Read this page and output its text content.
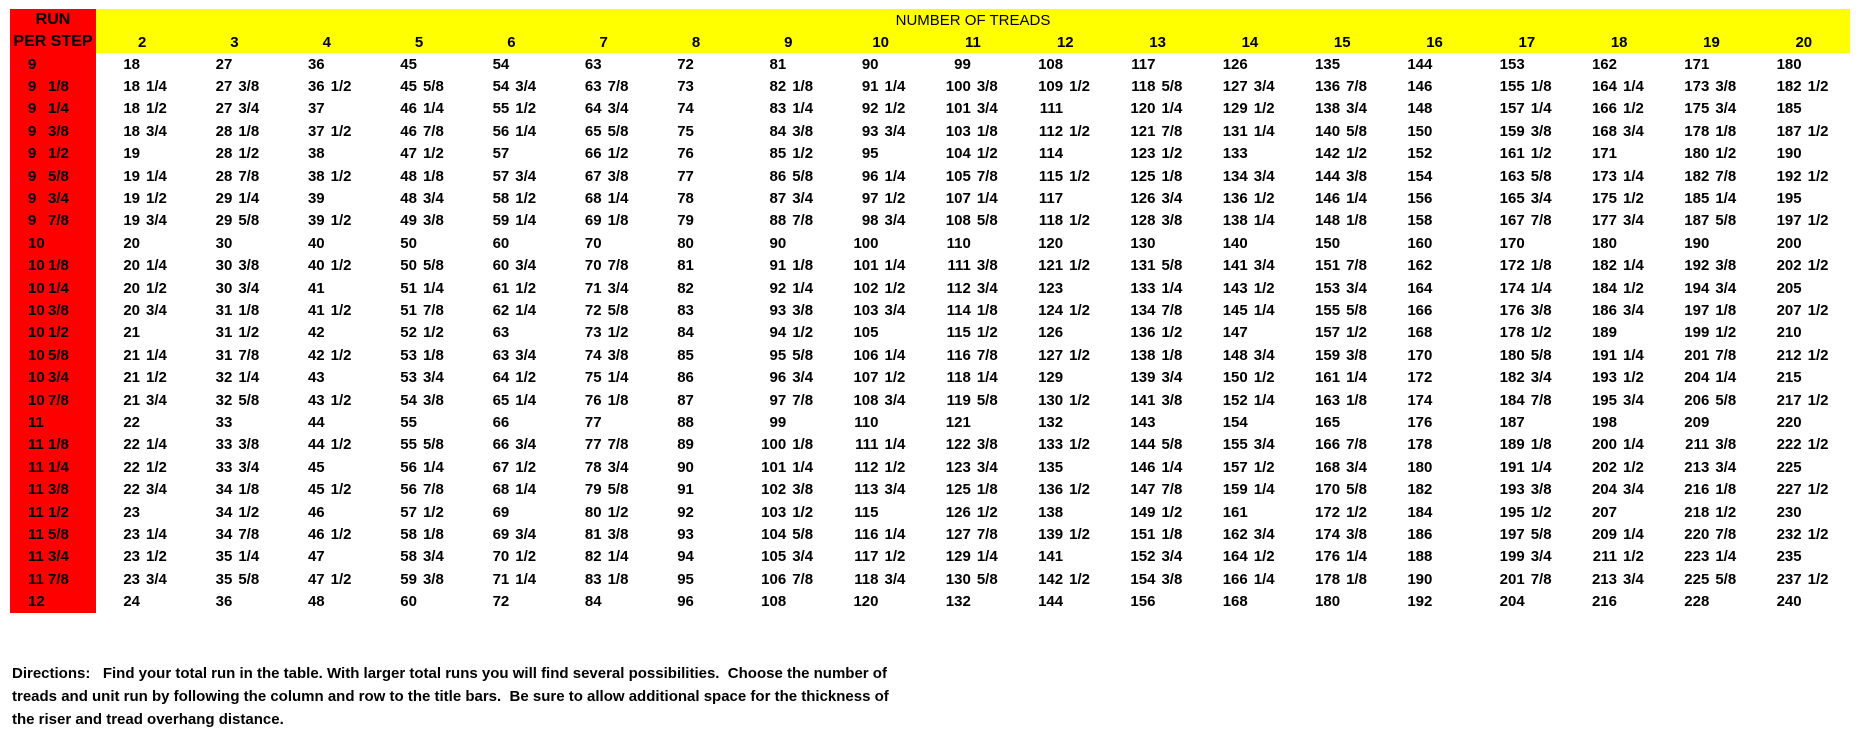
RUN	NUMBER OF TREADS																		
PER STEP	2	3	4	5	6	7	8	9	10	11	12	13	14	15	16	17	18	19	20
9	18	27	36	45	54	63	72	81	90	99	108	117	126	135	144	153	162	171	180
9 1/8	18 1/4	27 3/8	36 1/2	45 5/8	54 3/4	63 7/8	73	82 1/8	91 1/4	100 3/8	109 1/2	118 5/8	127 3/4	136 7/8	146	155 1/8	164 1/4	173 3/8	182 1/2
9 1/4	18 1/2	27 3/4	37	46 1/4	55 1/2	64 3/4	74	83 1/4	92 1/2	101 3/4	111	120 1/4	129 1/2	138 3/4	148	157 1/4	166 1/2	175 3/4	185
9 3/8	18 3/4	28 1/8	37 1/2	46 7/8	56 1/4	65 5/8	75	84 3/8	93 3/4	103 1/8	112 1/2	121 7/8	131 1/4	140 5/8	150	159 3/8	168 3/4	178 1/8	187 1/2
9 1/2	19	28 1/2	38	47 1/2	57	66 1/2	76	85 1/2	95	104 1/2	114	123 1/2	133	142 1/2	152	161 1/2	171	180 1/2	190
9 5/8	19 1/4	28 7/8	38 1/2	48 1/8	57 3/4	67 3/8	77	86 5/8	96 1/4	105 7/8	115 1/2	125 1/8	134 3/4	144 3/8	154	163 5/8	173 1/4	182 7/8	192 1/2
9 3/4	19 1/2	29 1/4	39	48 3/4	58 1/2	68 1/4	78	87 3/4	97 1/2	107 1/4	117	126 3/4	136 1/2	146 1/4	156	165 3/4	175 1/2	185 1/4	195
9 7/8	19 3/4	29 5/8	39 1/2	49 3/8	59 1/4	69 1/8	79	88 7/8	98 3/4	108 5/8	118 1/2	128 3/8	138 1/4	148 1/8	158	167 7/8	177 3/4	187 5/8	197 1/2
10	20	30	40	50	60	70	80	90	100	110	120	130	140	150	160	170	180	190	200
10 1/8	20 1/4	30 3/8	40 1/2	50 5/8	60 3/4	70 7/8	81	91 1/8	101 1/4	111 3/8	121 1/2	131 5/8	141 3/4	151 7/8	162	172 1/8	182 1/4	192 3/8	202 1/2
10 1/4	20 1/2	30 3/4	41	51 1/4	61 1/2	71 3/4	82	92 1/4	102 1/2	112 3/4	123	133 1/4	143 1/2	153 3/4	164	174 1/4	184 1/2	194 3/4	205
10 3/8	20 3/4	31 1/8	41 1/2	51 7/8	62 1/4	72 5/8	83	93 3/8	103 3/4	114 1/8	124 1/2	134 7/8	145 1/4	155 5/8	166	176 3/8	186 3/4	197 1/8	207 1/2
10 1/2	21	31 1/2	42	52 1/2	63	73 1/2	84	94 1/2	105	115 1/2	126	136 1/2	147	157 1/2	168	178 1/2	189	199 1/2	210
10 5/8	21 1/4	31 7/8	42 1/2	53 1/8	63 3/4	74 3/8	85	95 5/8	106 1/4	116 7/8	127 1/2	138 1/8	148 3/4	159 3/8	170	180 5/8	191 1/4	201 7/8	212 1/2
10 3/4	21 1/2	32 1/4	43	53 3/4	64 1/2	75 1/4	86	96 3/4	107 1/2	118 1/4	129	139 3/4	150 1/2	161 1/4	172	182 3/4	193 1/2	204 1/4	215
10 7/8	21 3/4	32 5/8	43 1/2	54 3/8	65 1/4	76 1/8	87	97 7/8	108 3/4	119 5/8	130 1/2	141 3/8	152 1/4	163 1/8	174	184 7/8	195 3/4	206 5/8	217 1/2
11	22	33	44	55	66	77	88	99	110	121	132	143	154	165	176	187	198	209	220
11 1/8	22 1/4	33 3/8	44 1/2	55 5/8	66 3/4	77 7/8	89	100 1/8	111 1/4	122 3/8	133 1/2	144 5/8	155 3/4	166 7/8	178	189 1/8	200 1/4	211 3/8	222 1/2
11 1/4	22 1/2	33 3/4	45	56 1/4	67 1/2	78 3/4	90	101 1/4	112 1/2	123 3/4	135	146 1/4	157 1/2	168 3/4	180	191 1/4	202 1/2	213 3/4	225
11 3/8	22 3/4	34 1/8	45 1/2	56 7/8	68 1/4	79 5/8	91	102 3/8	113 3/4	125 1/8	136 1/2	147 7/8	159 1/4	170 5/8	182	193 3/8	204 3/4	216 1/8	227 1/2
11 1/2	23	34 1/2	46	57 1/2	69	80 1/2	92	103 1/2	115	126 1/2	138	149 1/2	161	172 1/2	184	195 1/2	207	218 1/2	230
11 5/8	23 1/4	34 7/8	46 1/2	58 1/8	69 3/4	81 3/8	93	104 5/8	116 1/4	127 7/8	139 1/2	151 1/8	162 3/4	174 3/8	186	197 5/8	209 1/4	220 7/8	232 1/2
11 3/4	23 1/2	35 1/4	47	58 3/4	70 1/2	82 1/4	94	105 3/4	117 1/2	129 1/4	141	152 3/4	164 1/2	176 1/4	188	199 3/4	211 1/2	223 1/4	235
11 7/8	23 3/4	35 5/8	47 1/2	59 3/8	71 1/4	83 1/8	95	106 7/8	118 3/4	130 5/8	142 1/2	154 3/8	166 1/4	178 1/8	190	201 7/8	213 3/4	225 5/8	237 1/2
12	24	36	48	60	72	84	96	108	120	132	144	156	168	180	192	204	216	228	240
Directions:   Find your total run in the table. With larger total runs you will find several possibilities.  Choose the number of
treads and unit run by following the column and row to the title bars.  Be sure to allow additional space for the thickness of
the riser and tread overhang distance.
